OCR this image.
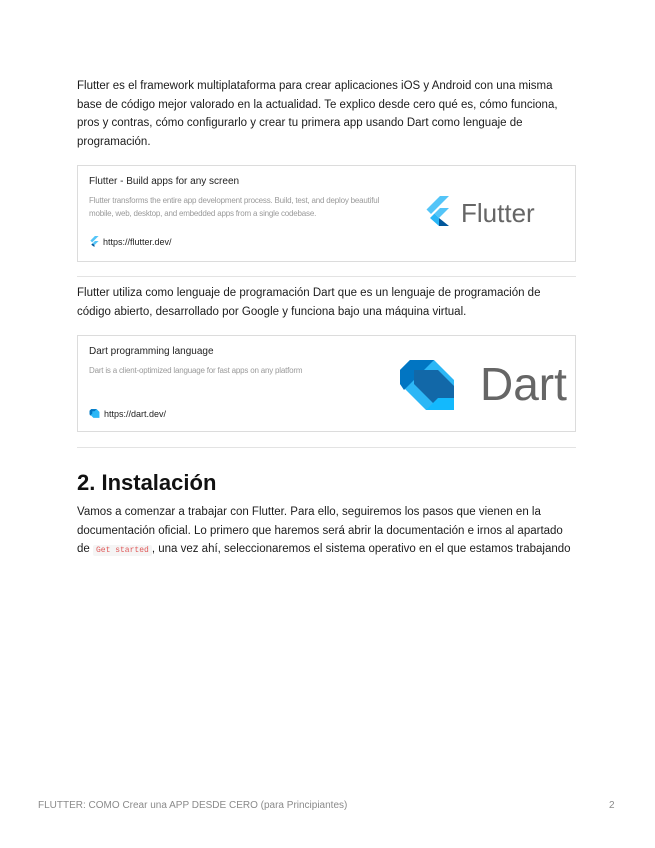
Flutter es el framework multiplataforma para crear aplicaciones iOS y Android con una misma base de código mejor valorado en la actualidad. Te explico desde cero qué es, cómo funciona, pros y contras, cómo configurarlo y crear tu primera app usando Dart como lenguaje de programación.

Flutter - Build apps for any screen
Flutter transforms the entire app development process. Build, test, and deploy beautiful mobile, web, desktop, and embedded apps from a single codebase.
https://flutter.dev/
Flutter

Flutter utiliza como lenguaje de programación Dart que es un lenguaje de programación de código abierto, desarrollado por Google y funciona bajo una máquina virtual.

Dart programming language
Dart is a client-optimized language for fast apps on any platform
https://dart.dev/
Dart
2. Instalación

Vamos a comenzar a trabajar con Flutter. Para ello, seguiremos los pasos que vienen en la documentación oficial. Lo primero que haremos será abrir la documentación e irnos al apartado de Get started , una vez ahí, seleccionaremos el sistema operativo en el que estamos trabajando

FLUTTER: COMO Crear una APP DESDE CERO (para Principiantes)	2
